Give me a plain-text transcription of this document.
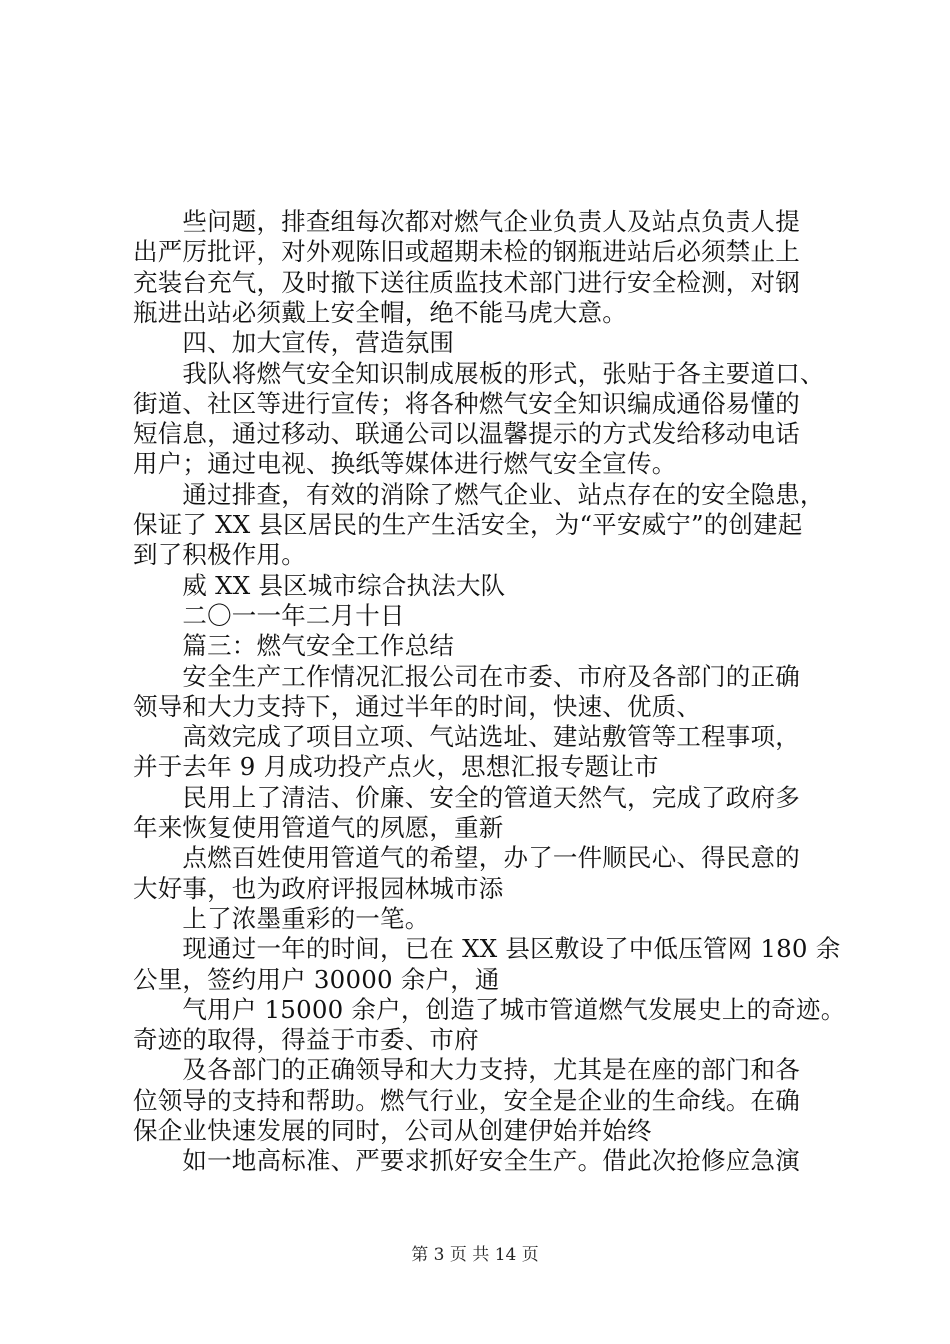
　　些问题，排查组每次都对燃气企业负责人及站点负责人提
出严厉批评，对外观陈旧或超期未检的钢瓶进站后必须禁止上
充装台充气，及时撤下送往质监技术部门进行安全检测，对钢
瓶进出站必须戴上安全帽，绝不能马虎大意。
　　四、加大宣传，营造氛围
　　我队将燃气安全知识制成展板的形式，张贴于各主要道口、
街道、社区等进行宣传；将各种燃气安全知识编成通俗易懂的
短信息，通过移动、联通公司以温馨提示的方式发给移动电话
用户；通过电视、换纸等媒体进行燃气安全宣传。
　　通过排查，有效的消除了燃气企业、站点存在的安全隐患，
保证了 XX 县区居民的生产生活安全，为“平安威宁”的创建起
到了积极作用。
　　威 XX 县区城市综合执法大队
　　二〇一一年二月十日
　　篇三：燃气安全工作总结
　　安全生产工作情况汇报公司在市委、市府及各部门的正确
领导和大力支持下，通过半年的时间，快速、优质、
　　高效完成了项目立项、气站选址、建站敷管等工程事项，
并于去年 9 月成功投产点火，思想汇报专题让市
　　民用上了清洁、价廉、安全的管道天然气，完成了政府多
年来恢复使用管道气的夙愿，重新
　　点燃百姓使用管道气的希望，办了一件顺民心、得民意的
大好事，也为政府评报园林城市添
　　上了浓墨重彩的一笔。
　　现通过一年的时间，已在 XX 县区敷设了中低压管网 180 余
公里，签约用户 30000 余户，通
　　气用户 15000 余户，创造了城市管道燃气发展史上的奇迹。
奇迹的取得，得益于市委、市府
　　及各部门的正确领导和大力支持，尤其是在座的部门和各
位领导的支持和帮助。燃气行业，安全是企业的生命线。在确
保企业快速发展的同时，公司从创建伊始并始终
　　如一地高标准、严要求抓好安全生产。借此次抢修应急演
第 3 页 共 14 页
